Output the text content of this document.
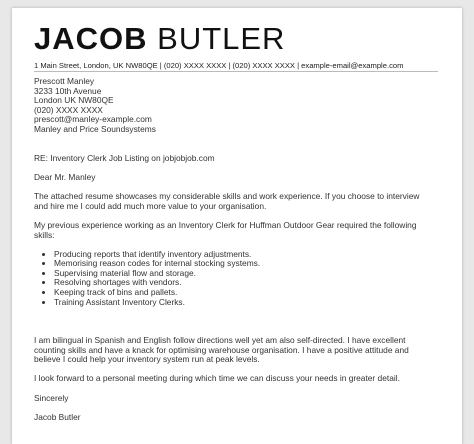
JACOB BUTLER
1 Main Street, London, UK NW80QE | (020) XXXX XXXX | (020) XXXX XXXX | example-email@example.com
Prescott Manley
3233 10th Avenue
London UK NW80QE
(020) XXXX XXXX
prescott@manley-example.com
Manley and Price Soundsystems

RE: Inventory Clerk Job Listing on jobjobjob.com

Dear Mr. Manley

The attached resume showcases my considerable skills and work experience. If you choose to interview and hire me I could add much more value to your organisation.

My previous experience working as an Inventory Clerk for Huffman Outdoor Gear required the following skills:

• Producing reports that identify inventory adjustments.
• Memorising reason codes for internal stocking systems.
• Supervising material flow and storage.
• Resolving shortages with vendors.
• Keeping track of bins and pallets.
• Training Assistant Inventory Clerks.

I am bilingual in Spanish and English follow directions well yet am also self-directed. I have excellent counting skills and have a knack for optimising warehouse organisation. I have a positive attitude and believe I could help your inventory system run at peak levels.

I look forward to a personal meeting during which time we can discuss your needs in greater detail.

Sincerely

Jacob Butler
